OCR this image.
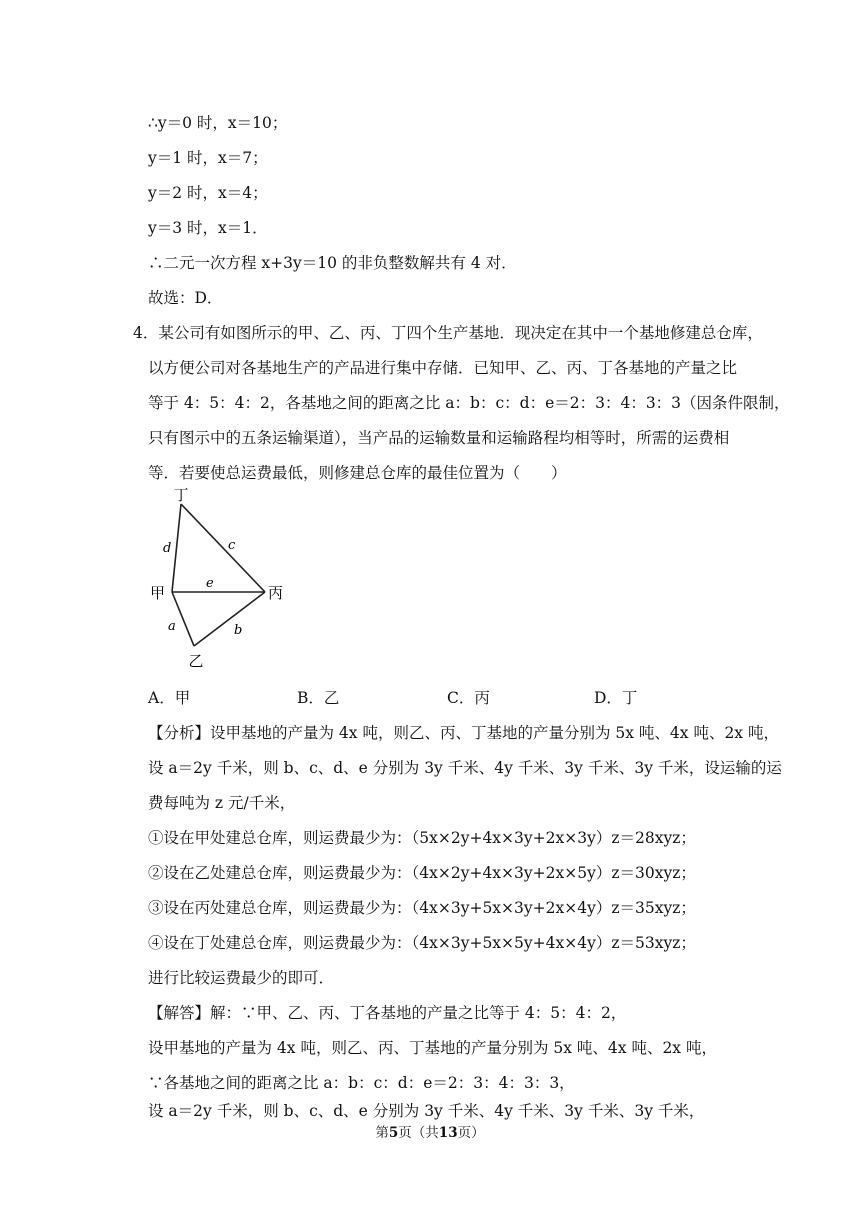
∴y＝0 时，x＝10；
y＝1 时，x＝7；
y＝2 时，x＝4；
y＝3 时，x＝1．
∴二元一次方程 x+3y＝10 的非负整数解共有 4 对．
故选：D．
4．某公司有如图所示的甲、乙、丙、丁四个生产基地．现决定在其中一个基地修建总仓库，
以方便公司对各基地生产的产品进行集中存储．已知甲、乙、丙、丁各基地的产量之比
等于 4：5：4：2，各基地之间的距离之比 a：b：c：d：e＝2：3：4：3：3（因条件限制，
只有图示中的五条运输渠道），当产品的运输数量和运输路程均相等时，所需的运费相
等．若要使总运费最低，则修建总仓库的最佳位置为（　　）
丁
甲	丙
乙
d	c
e
a	b
A．甲	B．乙	C．丙	D．丁
【分析】设甲基地的产量为 4x 吨，则乙、丙、丁基地的产量分别为 5x 吨、4x 吨、2x 吨，
设 a＝2y 千米，则 b、c、d、e 分别为 3y 千米、4y 千米、3y 千米、3y 千米，设运输的运
费每吨为 z 元/千米，
①设在甲处建总仓库，则运费最少为：（5x×2y+4x×3y+2x×3y）z＝28xyz；
②设在乙处建总仓库，则运费最少为：（4x×2y+4x×3y+2x×5y）z＝30xyz；
③设在丙处建总仓库，则运费最少为：（4x×3y+5x×3y+2x×4y）z＝35xyz；
④设在丁处建总仓库，则运费最少为：（4x×3y+5x×5y+4x×4y）z＝53xyz；
进行比较运费最少的即可．
【解答】解：∵甲、乙、丙、丁各基地的产量之比等于 4：5：4：2，
设甲基地的产量为 4x 吨，则乙、丙、丁基地的产量分别为 5x 吨、4x 吨、2x 吨，
∵各基地之间的距离之比 a：b：c：d：e＝2：3：4：3：3，
设 a＝2y 千米，则 b、c、d、e 分别为 3y 千米、4y 千米、3y 千米、3y 千米，
第5页（共13页）
